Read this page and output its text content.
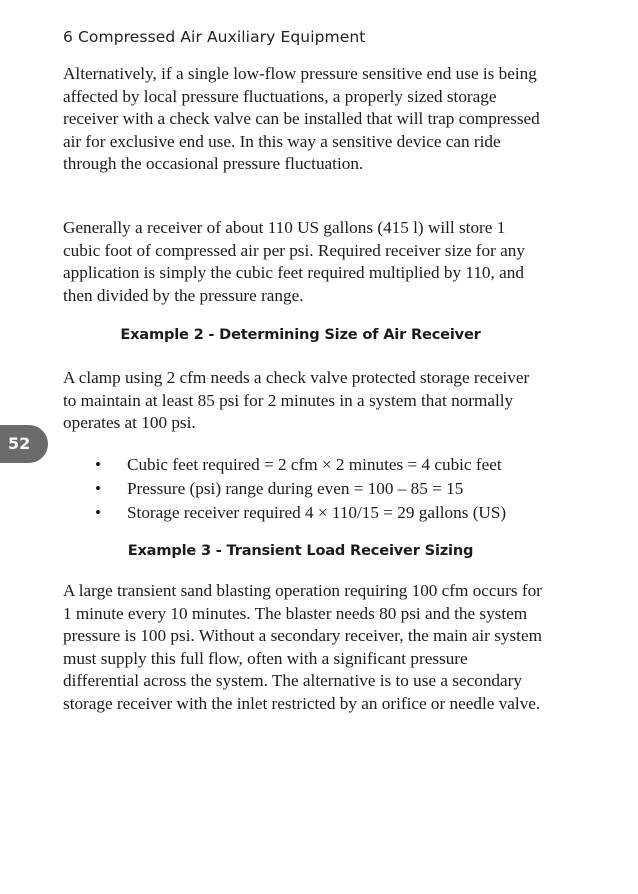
6 Compressed Air Auxiliary Equipment

Alternatively, if a single low-flow pressure sensitive end use is being affected by local pressure fluctuations, a properly sized storage receiver with a check valve can be installed that will trap compressed air for exclusive end use. In this way a sensitive device can ride through the occasional pressure fluctuation.

Generally a receiver of about 110 US gallons (415 l) will store 1 cubic foot of compressed air per psi. Required receiver size for any application is simply the cubic feet required multiplied by 110, and then divided by the pressure range.

Example 2 - Determining Size of Air Receiver

A clamp using 2 cfm needs a check valve protected storage receiver to maintain at least 85 psi for 2 minutes in a system that normally operates at 100 psi.

• Cubic feet required = 2 cfm × 2 minutes = 4 cubic feet
• Pressure (psi) range during even = 100 – 85 = 15
• Storage receiver required 4 × 110/15 = 29 gallons (US)
Example 3 - Transient Load Receiver Sizing

A large transient sand blasting operation requiring 100 cfm occurs for 1 minute every 10 minutes. The blaster needs 80 psi and the system pressure is 100 psi. Without a secondary receiver, the main air system must supply this full flow, often with a significant pressure differential across the system. The alternative is to use a secondary storage receiver with the inlet restricted by an orifice or needle valve.

52
